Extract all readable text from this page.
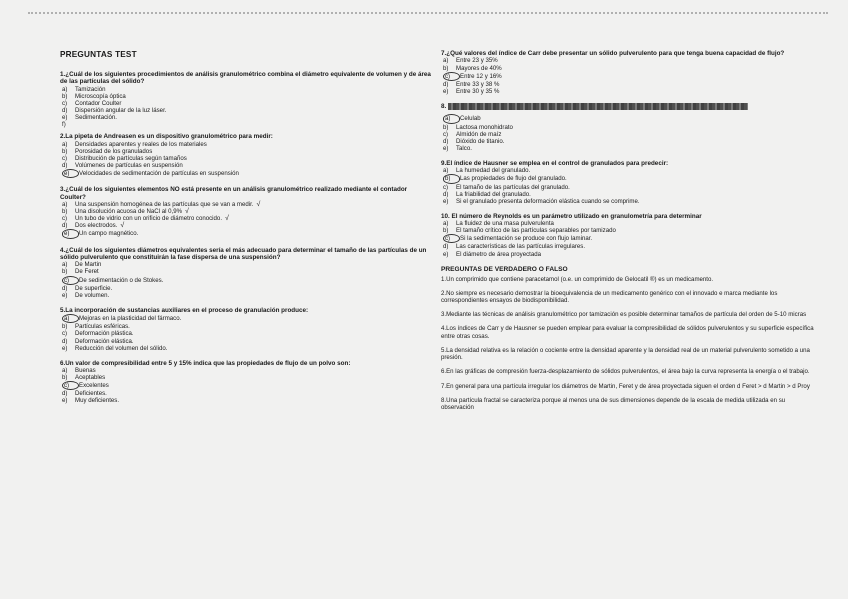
PREGUNTAS TEST

1.¿Cuál de los siguientes procedimientos de análisis granulométrico combina el diámetro equivalente de volumen y de área de las partículas del sólido?

a) Tamización
b) Microscopía óptica
c) Contador Coulter
d) Dispersión angular de la luz láser.
e) Sedimentación.
f)

2.La pipeta de Andreasen es un dispositivo granulométrico para medir:

a) Densidades aparentes y reales de los materiales
b) Porosidad de los granulados
c) Distribución de partículas según tamaños
d) Volúmenes de partículas en suspensión
e) Velocidades de sedimentación de partículas en suspensión

3.¿Cuál de los siguientes elementos NO está presente en un análisis granulométrico realizado mediante el contador Coulter?

a) Una suspensión homogénea de las partículas que se van a medir. √
b) Una disolución acuosa de NaCl al 0,9% √
c) Un tubo de vidrio con un orificio de diámetro conocido. √
d) Dos electrodos. √
e) Un campo magnético.

4.¿Cuál de los siguientes diámetros equivalentes sería el más adecuado para determinar el tamaño de las partículas de un sólido pulverulento que constituirán la fase dispersa de una suspensión?

a) De Martin
b) De Feret
c) De sedimentación o de Stokes.
d) De superficie.
e) De volumen.

5.La incorporación de sustancias auxiliares en el proceso de granulación produce:

a) Mejoras en la plasticidad del fármaco.
b) Partículas esféricas.
c) Deformación plástica.
d) Deformación elástica.
e) Reducción del volumen del sólido.

6.Un valor de compresibilidad entre 5 y 15% indica que las propiedades de flujo de un polvo son:

a) Buenas
b) Aceptables
c) Excelentes
d) Deficientes.
e) Muy deficientes.

7.¿Qué valores del índice de Carr debe presentar un sólido pulverulento para que tenga buena capacidad de flujo?

a) Entre 23 y 35%
b) Mayores de 40%
c) Entre 12 y 16%
d) Entre 33 y 38 %
e) Entre 30 y 35 %

8.

a) Celulab
b) Lactosa monohidrato
c) Almidón de maíz
d) Dióxido de titanio.
e) Talco.

9.El índice de Hausner se emplea en el control de granulados para predecir:

a) La humedad del granulado.
b) Las propiedades de flujo del granulado.
c) El tamaño de las partículas del granulado.
d) La friabilidad del granulado.
e) Si el granulado presenta deformación elástica cuando se comprime.

10. El número de Reynolds es un parámetro utilizado en granulometría para determinar

a) La fluidez de una masa pulverulenta
b) El tamaño crítico de las partículas separables por tamizado
c) Si la sedimentación se produce con flujo laminar.
d) Las características de las partículas irregulares.
e) El diámetro de área proyectada

PREGUNTAS DE VERDADERO O FALSO

1.Un comprimido que contiene paracetamol (o.e. un comprimido de Gelocatil ®) es un medicamento.

2.No siempre es necesario demostrar la bioequivalencia de un medicamento genérico con el innovado e marca mediante los correspondientes ensayos de biodisponibilidad.

3.Mediante las técnicas de análisis granulométrico por tamización es posible determinar tamaños de partícula del orden de 5-10 micras

4.Los índices de Carr y de Hausner se pueden emplear para evaluar la compresibilidad de sólidos pulverulentos y su superficie específica entre otras cosas.

5.La densidad relativa es la relación o cociente entre la densidad aparente y la densidad real de un material pulverulento sometido a una presión.

6.En las gráficas de compresión fuerza-desplazamiento de sólidos pulverulentos, el área bajo la curva representa la energía o el trabajo.

7.En general para una partícula irregular los diámetros de Martin, Feret y de área proyectada siguen el orden d Feret > d Martin > d Proy

8.Una partícula fractal se caracteriza porque al menos una de sus dimensiones depende de la escala de medida utilizada en su observación
